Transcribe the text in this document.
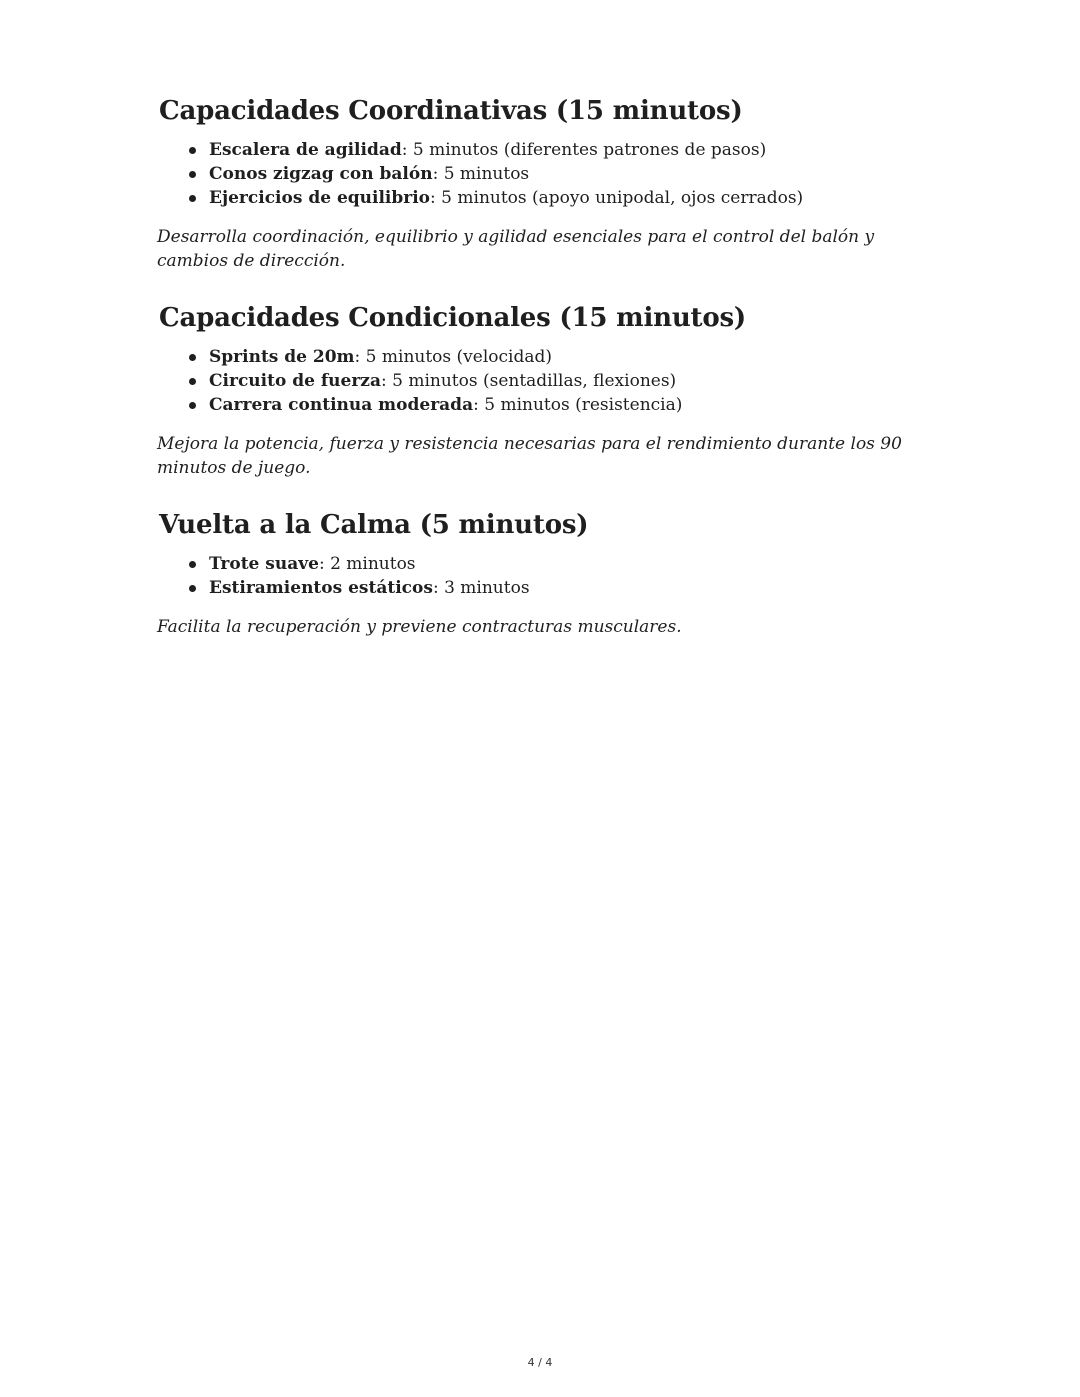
Capacidades Coordinativas (15 minutos)
Escalera de agilidad: 5 minutos (diferentes patrones de pasos)
Conos zigzag con balón: 5 minutos
Ejercicios de equilibrio: 5 minutos (apoyo unipodal, ojos cerrados)

Desarrolla coordinación, equilibrio y agilidad esenciales para el control del balón y cambios de dirección.

Capacidades Condicionales (15 minutos)
Sprints de 20m: 5 minutos (velocidad)
Circuito de fuerza: 5 minutos (sentadillas, flexiones)
Carrera continua moderada: 5 minutos (resistencia)

Mejora la potencia, fuerza y resistencia necesarias para el rendimiento durante los 90 minutos de juego.

Vuelta a la Calma (5 minutos)
Trote suave: 2 minutos
Estiramientos estáticos: 3 minutos

Facilita la recuperación y previene contracturas musculares.

4 / 4
